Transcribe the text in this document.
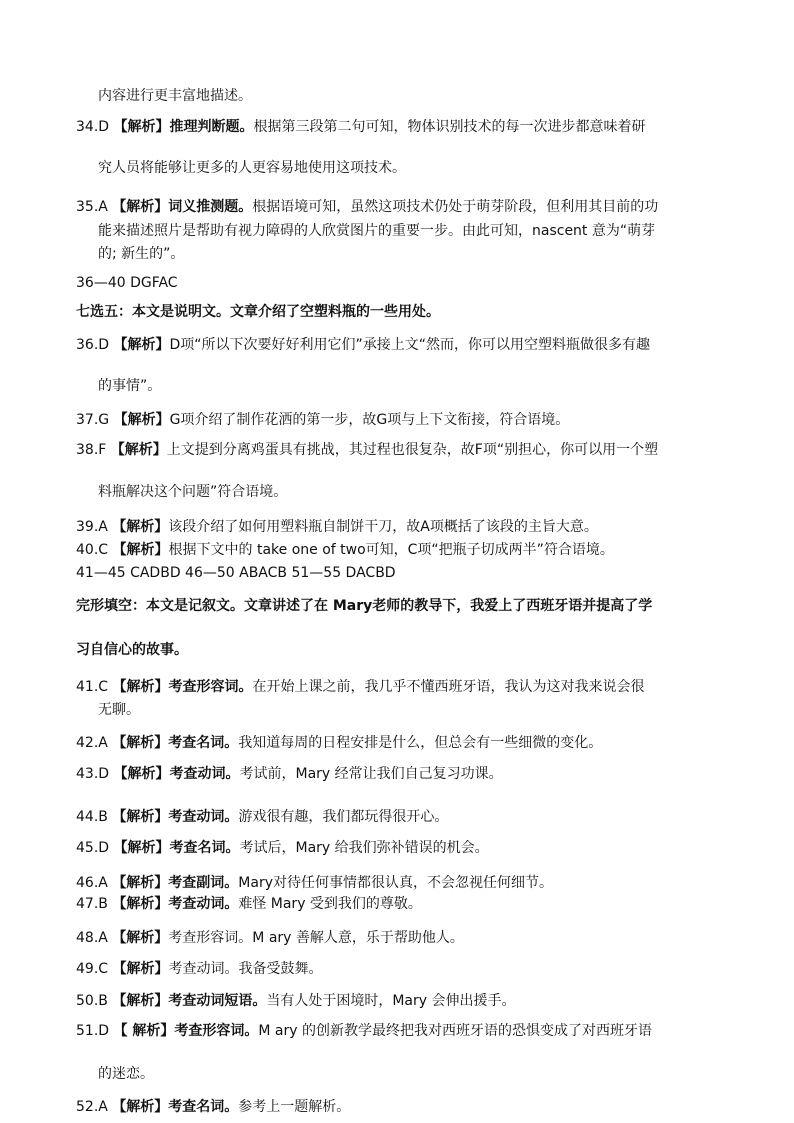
内容进行更丰富地描述。
34.D 【解析】推理判断题。根据第三段第二句可知，物体识别技术的每一次进步都意味着研
究人员将能够让更多的人更容易地使用这项技术。
35.A 【解析】词义推测题。根据语境可知，虽然这项技术仍处于萌芽阶段，但利用其目前的功
能来描述照片是帮助有视力障碍的人欣赏图片的重要一步。由此可知，nascent 意为“萌芽
的; 新生的”。
36—40 DGFAC
七选五：本文是说明文。文章介绍了空塑料瓶的一些用处。
36.D 【解析】D项“所以下次要好好利用它们”承接上文“然而，你可以用空塑料瓶做很多有趣
的事情”。
37.G 【解析】G项介绍了制作花洒的第一步，故G项与上下文衔接，符合语境。
38.F 【解析】上文提到分离鸡蛋具有挑战，其过程也很复杂，故F项“别担心，你可以用一个塑
料瓶解决这个问题”符合语境。
39.A 【解析】该段介绍了如何用塑料瓶自制饼干刀，故A项概括了该段的主旨大意。
40.C 【解析】根据下文中的 take one of two可知，C项“把瓶子切成两半”符合语境。
41—45 CADBD 46—50 ABACB 51—55 DACBD
完形填空：本文是记叙文。文章讲述了在 Mary老师的教导下，我爱上了西班牙语并提高了学
习自信心的故事。
41.C 【解析】考查形容词。在开始上课之前，我几乎不懂西班牙语，我认为这对我来说会很
无聊。
42.A 【解析】考查名词。我知道每周的日程安排是什么，但总会有一些细微的变化。
43.D 【解析】考查动词。考试前，Mary 经常让我们自己复习功课。
44.B 【解析】考查动词。游戏很有趣，我们都玩得很开心。
45.D 【解析】考查名词。考试后，Mary 给我们弥补错误的机会。
46.A 【解析】考查副词。Mary对待任何事情都很认真，不会忽视任何细节。
47.B 【解析】考查动词。难怪 Mary 受到我们的尊敬。
48.A 【解析】考查形容词。M ary 善解人意，乐于帮助他人。
49.C 【解析】考查动词。我备受鼓舞。
50.B 【解析】考查动词短语。当有人处于困境时，Mary 会伸出援手。
51.D 【 解析】考查形容词。M ary 的创新教学最终把我对西班牙语的恐惧变成了对西班牙语
的迷恋。
52.A 【解析】考查名词。参考上一题解析。
